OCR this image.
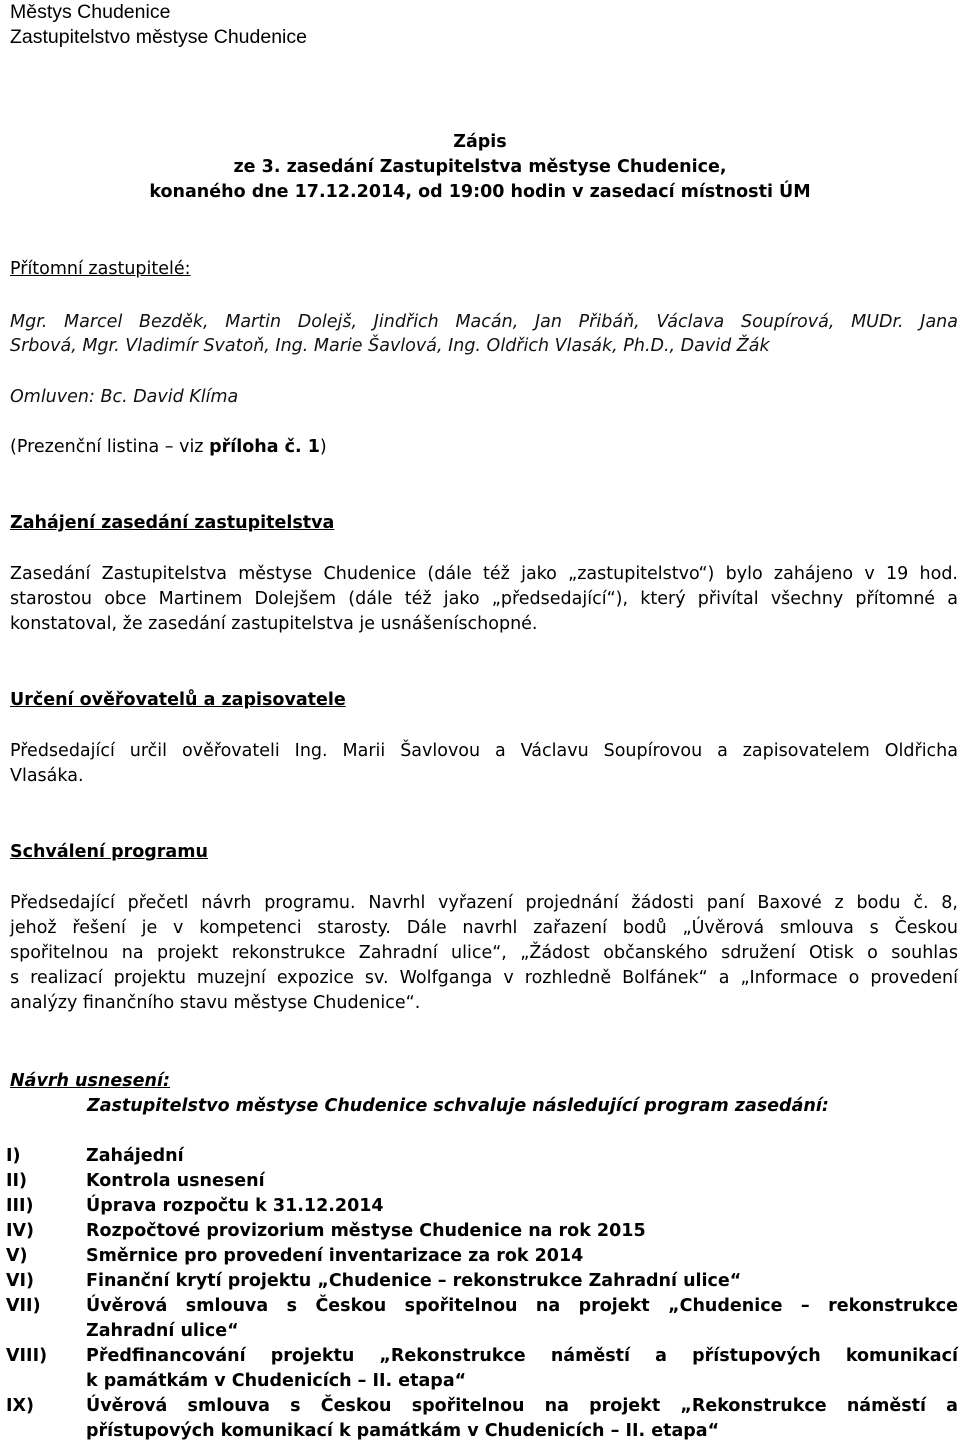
Městys Chudenice
Zastupitelstvo městyse Chudenice
Zápis
ze 3. zasedání Zastupitelstva městyse Chudenice,
konaného dne 17.12.2014, od 19:00 hodin v zasedací místnosti ÚM
Přítomní zastupitelé:
Mgr. Marcel Bezděk, Martin Dolejš, Jindřich Macán, Jan Přibáň, Václava Soupírová, MUDr. Jana
Srbová, Mgr. Vladimír Svatoň, Ing. Marie Šavlová, Ing. Oldřich Vlasák, Ph.D., David Žák
Omluven: Bc. David Klíma
(Prezenční listina – viz příloha č. 1)
Zahájení zasedání zastupitelstva
Zasedání Zastupitelstva městyse Chudenice (dále též jako „zastupitelstvo“) bylo zahájeno v 19 hod.
starostou obce Martinem Dolejšem (dále též jako „předsedající“), který přivítal všechny přítomné a
konstatoval, že zasedání zastupitelstva je usnášeníschopné.
Určení ověřovatelů a zapisovatele
Předsedající určil ověřovateli Ing. Marii Šavlovou a Václavu Soupírovou a zapisovatelem Oldřicha
Vlasáka.
Schválení programu
Předsedající přečetl návrh programu. Navrhl vyřazení projednání žádosti paní Baxové z bodu č. 8,
jehož řešení je v kompetenci starosty. Dále navrhl zařazení bodů „Úvěrová smlouva s Českou
spořitelnou na projekt rekonstrukce Zahradní ulice“, „Žádost občanského sdružení Otisk o souhlas
s realizací projektu muzejní expozice sv. Wolfganga v rozhledně Bolfánek“ a „Informace o provedení
analýzy finančního stavu městyse Chudenice“.
Návrh usnesení:
Zastupitelstvo městyse Chudenice schvaluje následující program zasedání:
I)	Zahájední
II)	Kontrola usnesení
III)	Úprava rozpočtu k 31.12.2014
IV)	Rozpočtové provizorium městyse Chudenice na rok 2015
V)	Směrnice pro provedení inventarizace za rok 2014
VI)	Finanční krytí projektu „Chudenice – rekonstrukce Zahradní ulice“
VII)	Úvěrová smlouva s Českou spořitelnou na projekt „Chudenice – rekonstrukce
Zahradní ulice“
VIII)	Předfinancování projektu „Rekonstrukce náměstí a přístupových komunikací
k památkám v Chudenicích – II. etapa“
IX)	Úvěrová smlouva s Českou spořitelnou na projekt „Rekonstrukce náměstí a
přístupových komunikací k památkám v Chudenicích – II. etapa“
